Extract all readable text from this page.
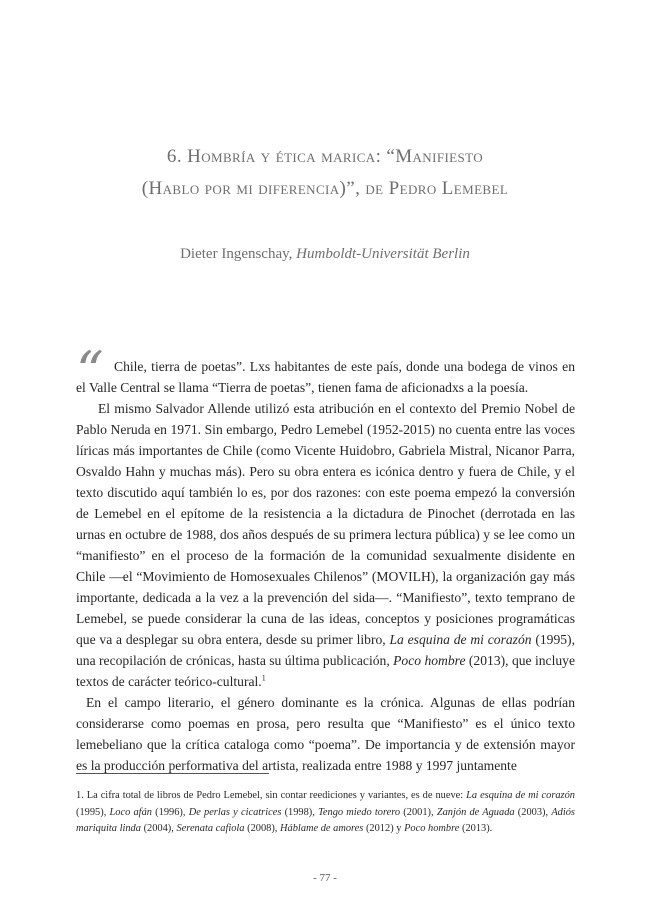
6. Hombría y ética marica: “Manifiesto
(Hablo por mi diferencia)”, de Pedro Lemebel

Dieter Ingenschay, Humboldt-Universität Berlin

“ Chile, tierra de poetas”. Lxs habitantes de este país, donde una bodega de vinos en el Valle Central se llama “Tierra de poetas”, tienen fama de aficionadxs a la poesía.

El mismo Salvador Allende utilizó esta atribución en el contexto del Premio Nobel de Pablo Neruda en 1971. Sin embargo, Pedro Lemebel (1952-2015) no cuenta entre las voces líricas más importantes de Chile (como Vicente Huidobro, Gabriela Mistral, Nicanor Parra, Osvaldo Hahn y muchas más). Pero su obra entera es icónica dentro y fuera de Chile, y el texto discutido aquí también lo es, por dos razones: con este poema empezó la conversión de Lemebel en el epítome de la resistencia a la dictadura de Pinochet (derrotada en las urnas en octubre de 1988, dos años después de su primera lectura pública) y se lee como un “manifiesto” en el proceso de la formación de la comunidad sexualmente disidente en Chile —el “Movimiento de Homosexuales Chilenos” (MOVILH), la organización gay más importante, dedicada a la vez a la prevención del sida—. “Manifiesto”, texto temprano de Lemebel, se puede considerar la cuna de las ideas, conceptos y posiciones programáticas que va a desplegar su obra entera, desde su primer libro, La esquina de mi corazón (1995), una recopilación de crónicas, hasta su última publicación, Poco hombre (2013), que incluye textos de carácter teórico-cultural.$^1$

En el campo literario, el género dominante es la crónica. Algunas de ellas podrían considerarse como poemas en prosa, pero resulta que “Manifiesto” es el único texto lemebeliano que la crítica cataloga como “poema”. De importancia y de extensión mayor es la producción performativa del artista, realizada entre 1988 y 1997 juntamente

1. La cifra total de libros de Pedro Lemebel, sin contar reediciones y variantes, es de nueve: La esquina de mi corazón (1995), Loco afán (1996), De perlas y cicatrices (1998), Tengo miedo torero (2001), Zanjón de Aguada (2003), Adiós mariquita linda (2004), Serenata cafiola (2008), Háblame de amores (2012) y Poco hombre (2013).

- 77 -
